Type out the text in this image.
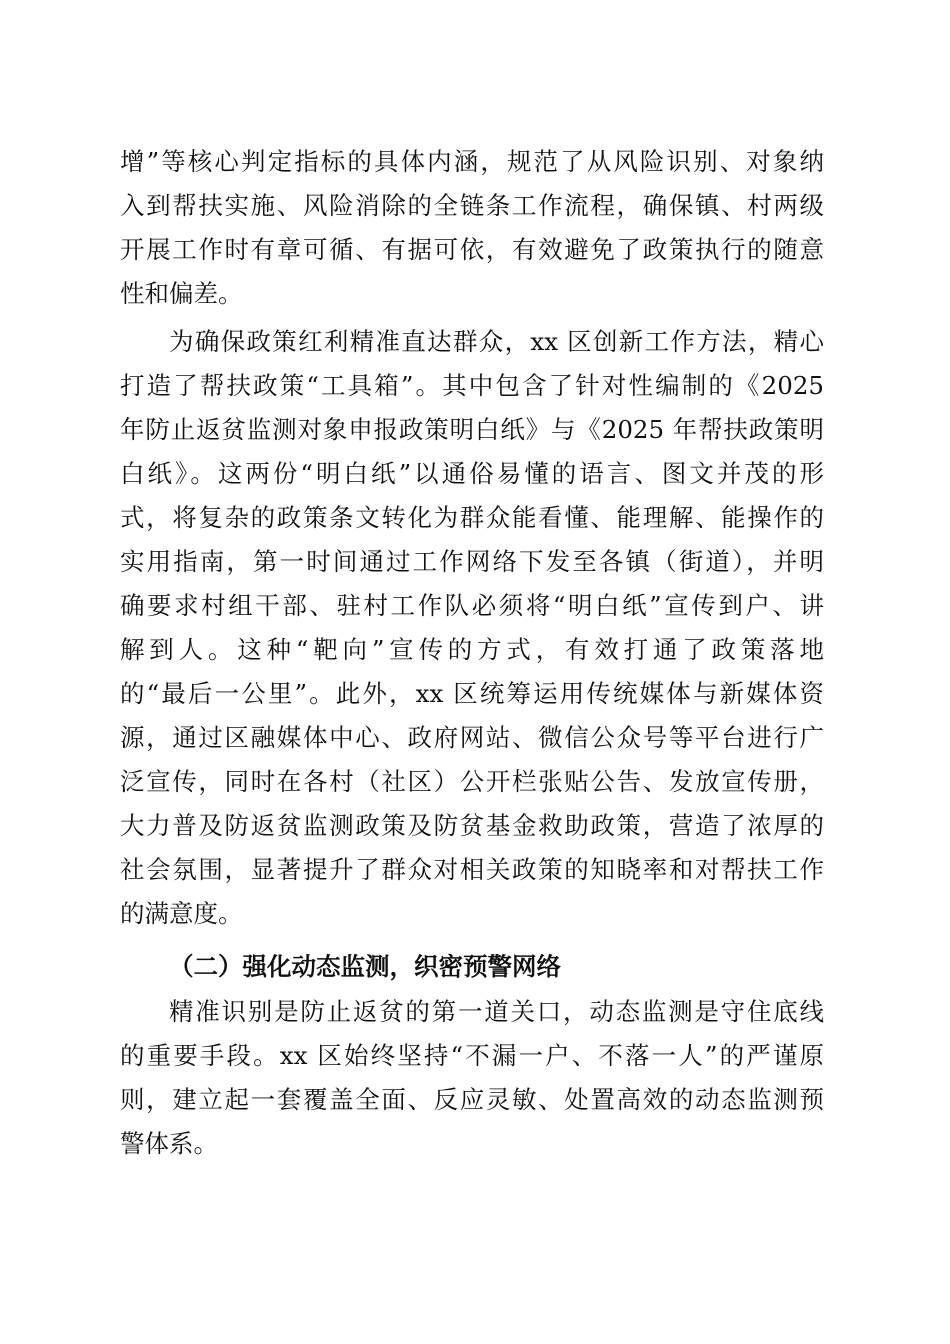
增”等核心判定指标的具体内涵，规范了从风险识别、对象纳
入到帮扶实施、风险消除的全链条工作流程，确保镇、村两级
开展工作时有章可循、有据可依，有效避免了政策执行的随意
性和偏差。
为确保政策红利精准直达群众，xx 区创新工作方法，精心
打造了帮扶政策“工具箱”。其中包含了针对性编制的《2025
年防止返贫监测对象申报政策明白纸》与《2025 年帮扶政策明
白纸》。这两份“明白纸”以通俗易懂的语言、图文并茂的形
式，将复杂的政策条文转化为群众能看懂、能理解、能操作的
实用指南，第一时间通过工作网络下发至各镇（街道），并明
确要求村组干部、驻村工作队必须将“明白纸”宣传到户、讲
解到人。这种“靶向”宣传的方式，有效打通了政策落地
的“最后一公里”。此外，xx 区统筹运用传统媒体与新媒体资
源，通过区融媒体中心、政府网站、微信公众号等平台进行广
泛宣传，同时在各村（社区）公开栏张贴公告、发放宣传册，
大力普及防返贫监测政策及防贫基金救助政策，营造了浓厚的
社会氛围，显著提升了群众对相关政策的知晓率和对帮扶工作
的满意度。
（二）强化动态监测，织密预警网络
精准识别是防止返贫的第一道关口，动态监测是守住底线
的重要手段。xx 区始终坚持“不漏一户、不落一人”的严谨原
则，建立起一套覆盖全面、反应灵敏、处置高效的动态监测预
警体系。
